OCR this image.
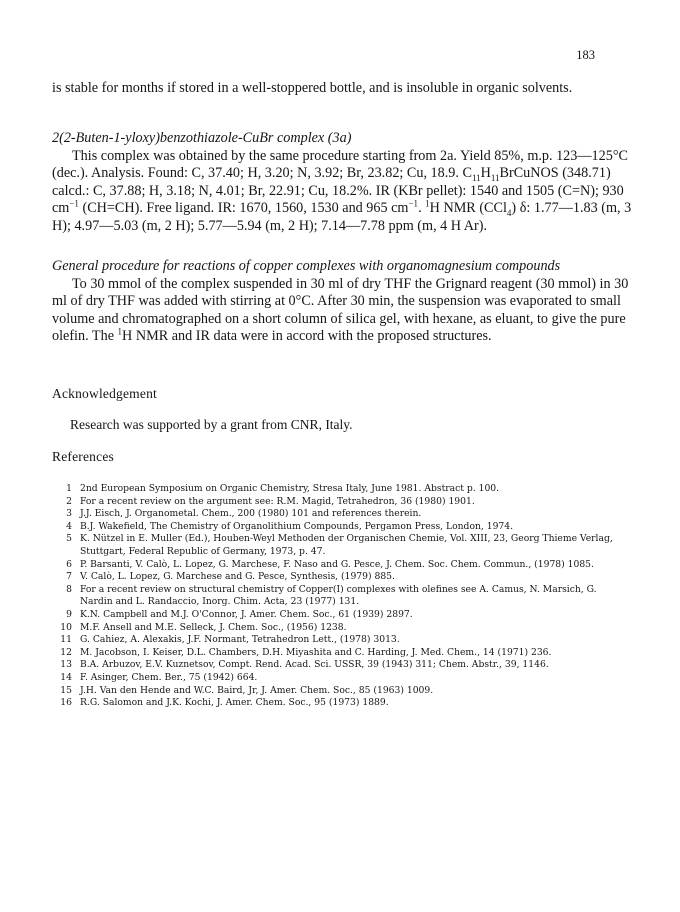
183

is stable for months if stored in a well-stoppered bottle, and is insoluble in organic solvents.

2(2-Buten-1-yloxy)benzothiazole-CuBr complex (3a)

This complex was obtained by the same procedure starting from 2a. Yield 85%, m.p. 123—125°C (dec.). Analysis. Found: C, 37.40; H, 3.20; N, 3.92; Br, 23.82; Cu, 18.9. $C_{11}H_{11}BrCuNOS$ (348.71) calcd.: C, 37.88; H, 3.18; N, 4.01; Br, 22.91; Cu, 18.2%. IR (KBr pellet): 1540 and 1505 (C=N); 930 $cm^{-1}$ (CH=CH). Free ligand. IR: 1670, 1560, 1530 and 965 $cm^{-1}$. $^1$H NMR (CCl$_4$) δ: 1.77—1.83 (m, 3 H); 4.97—5.03 (m, 2 H); 5.77—5.94 (m, 2 H); 7.14—7.78 ppm (m, 4 H Ar).

General procedure for reactions of copper complexes with organomagnesium compounds

To 30 mmol of the complex suspended in 30 ml of dry THF the Grignard reagent (30 mmol) in 30 ml of dry THF was added with stirring at 0°C. After 30 min, the suspension was evaporated to small volume and chromatographed on a short column of silica gel, with hexane, as eluant, to give the pure olefin. The $^1$H NMR and IR data were in accord with the proposed structures.

Acknowledgement
Research was supported by a grant from CNR, Italy.
References
1 2nd European Symposium on Organic Chemistry, Stresa Italy, June 1981. Abstract p. 100.
2 For a recent review on the argument see: R.M. Magid, Tetrahedron, 36 (1980) 1901.
3 J.J. Eisch, J. Organometal. Chem., 200 (1980) 101 and references therein.
4 B.J. Wakefield, The Chemistry of Organolithium Compounds, Pergamon Press, London, 1974.
5 K. Nützel in E. Muller (Ed.), Houben-Weyl Methoden der Organischen Chemie, Vol. XIII, 23, Georg Thieme Verlag, Stuttgart, Federal Republic of Germany, 1973, p. 47.
6 P. Barsanti, V. Calò, L. Lopez, G. Marchese, F. Naso and G. Pesce, J. Chem. Soc. Chem. Commun., (1978) 1085.
7 V. Calò, L. Lopez, G. Marchese and G. Pesce, Synthesis, (1979) 885.
8 For a recent review on structural chemistry of Copper(I) complexes with olefines see A. Camus, N. Marsich, G. Nardin and L. Randaccio, Inorg. Chim. Acta, 23 (1977) 131.
9 K.N. Campbell and M.J. O'Connor, J. Amer. Chem. Soc., 61 (1939) 2897.
10 M.F. Ansell and M.E. Selleck, J. Chem. Soc., (1956) 1238.
11 G. Cahiez, A. Alexakis, J.F. Normant, Tetrahedron Lett., (1978) 3013.
12 M. Jacobson, I. Keiser, D.L. Chambers, D.H. Miyashita and C. Harding, J. Med. Chem., 14 (1971) 236.
13 B.A. Arbuzov, E.V. Kuznetsov, Compt. Rend. Acad. Sci. USSR, 39 (1943) 311; Chem. Abstr., 39, 1146.
14 F. Asinger, Chem. Ber., 75 (1942) 664.
15 J.H. Van den Hende and W.C. Baird, Jr, J. Amer. Chem. Soc., 85 (1963) 1009.
16 R.G. Salomon and J.K. Kochi, J. Amer. Chem. Soc., 95 (1973) 1889.
